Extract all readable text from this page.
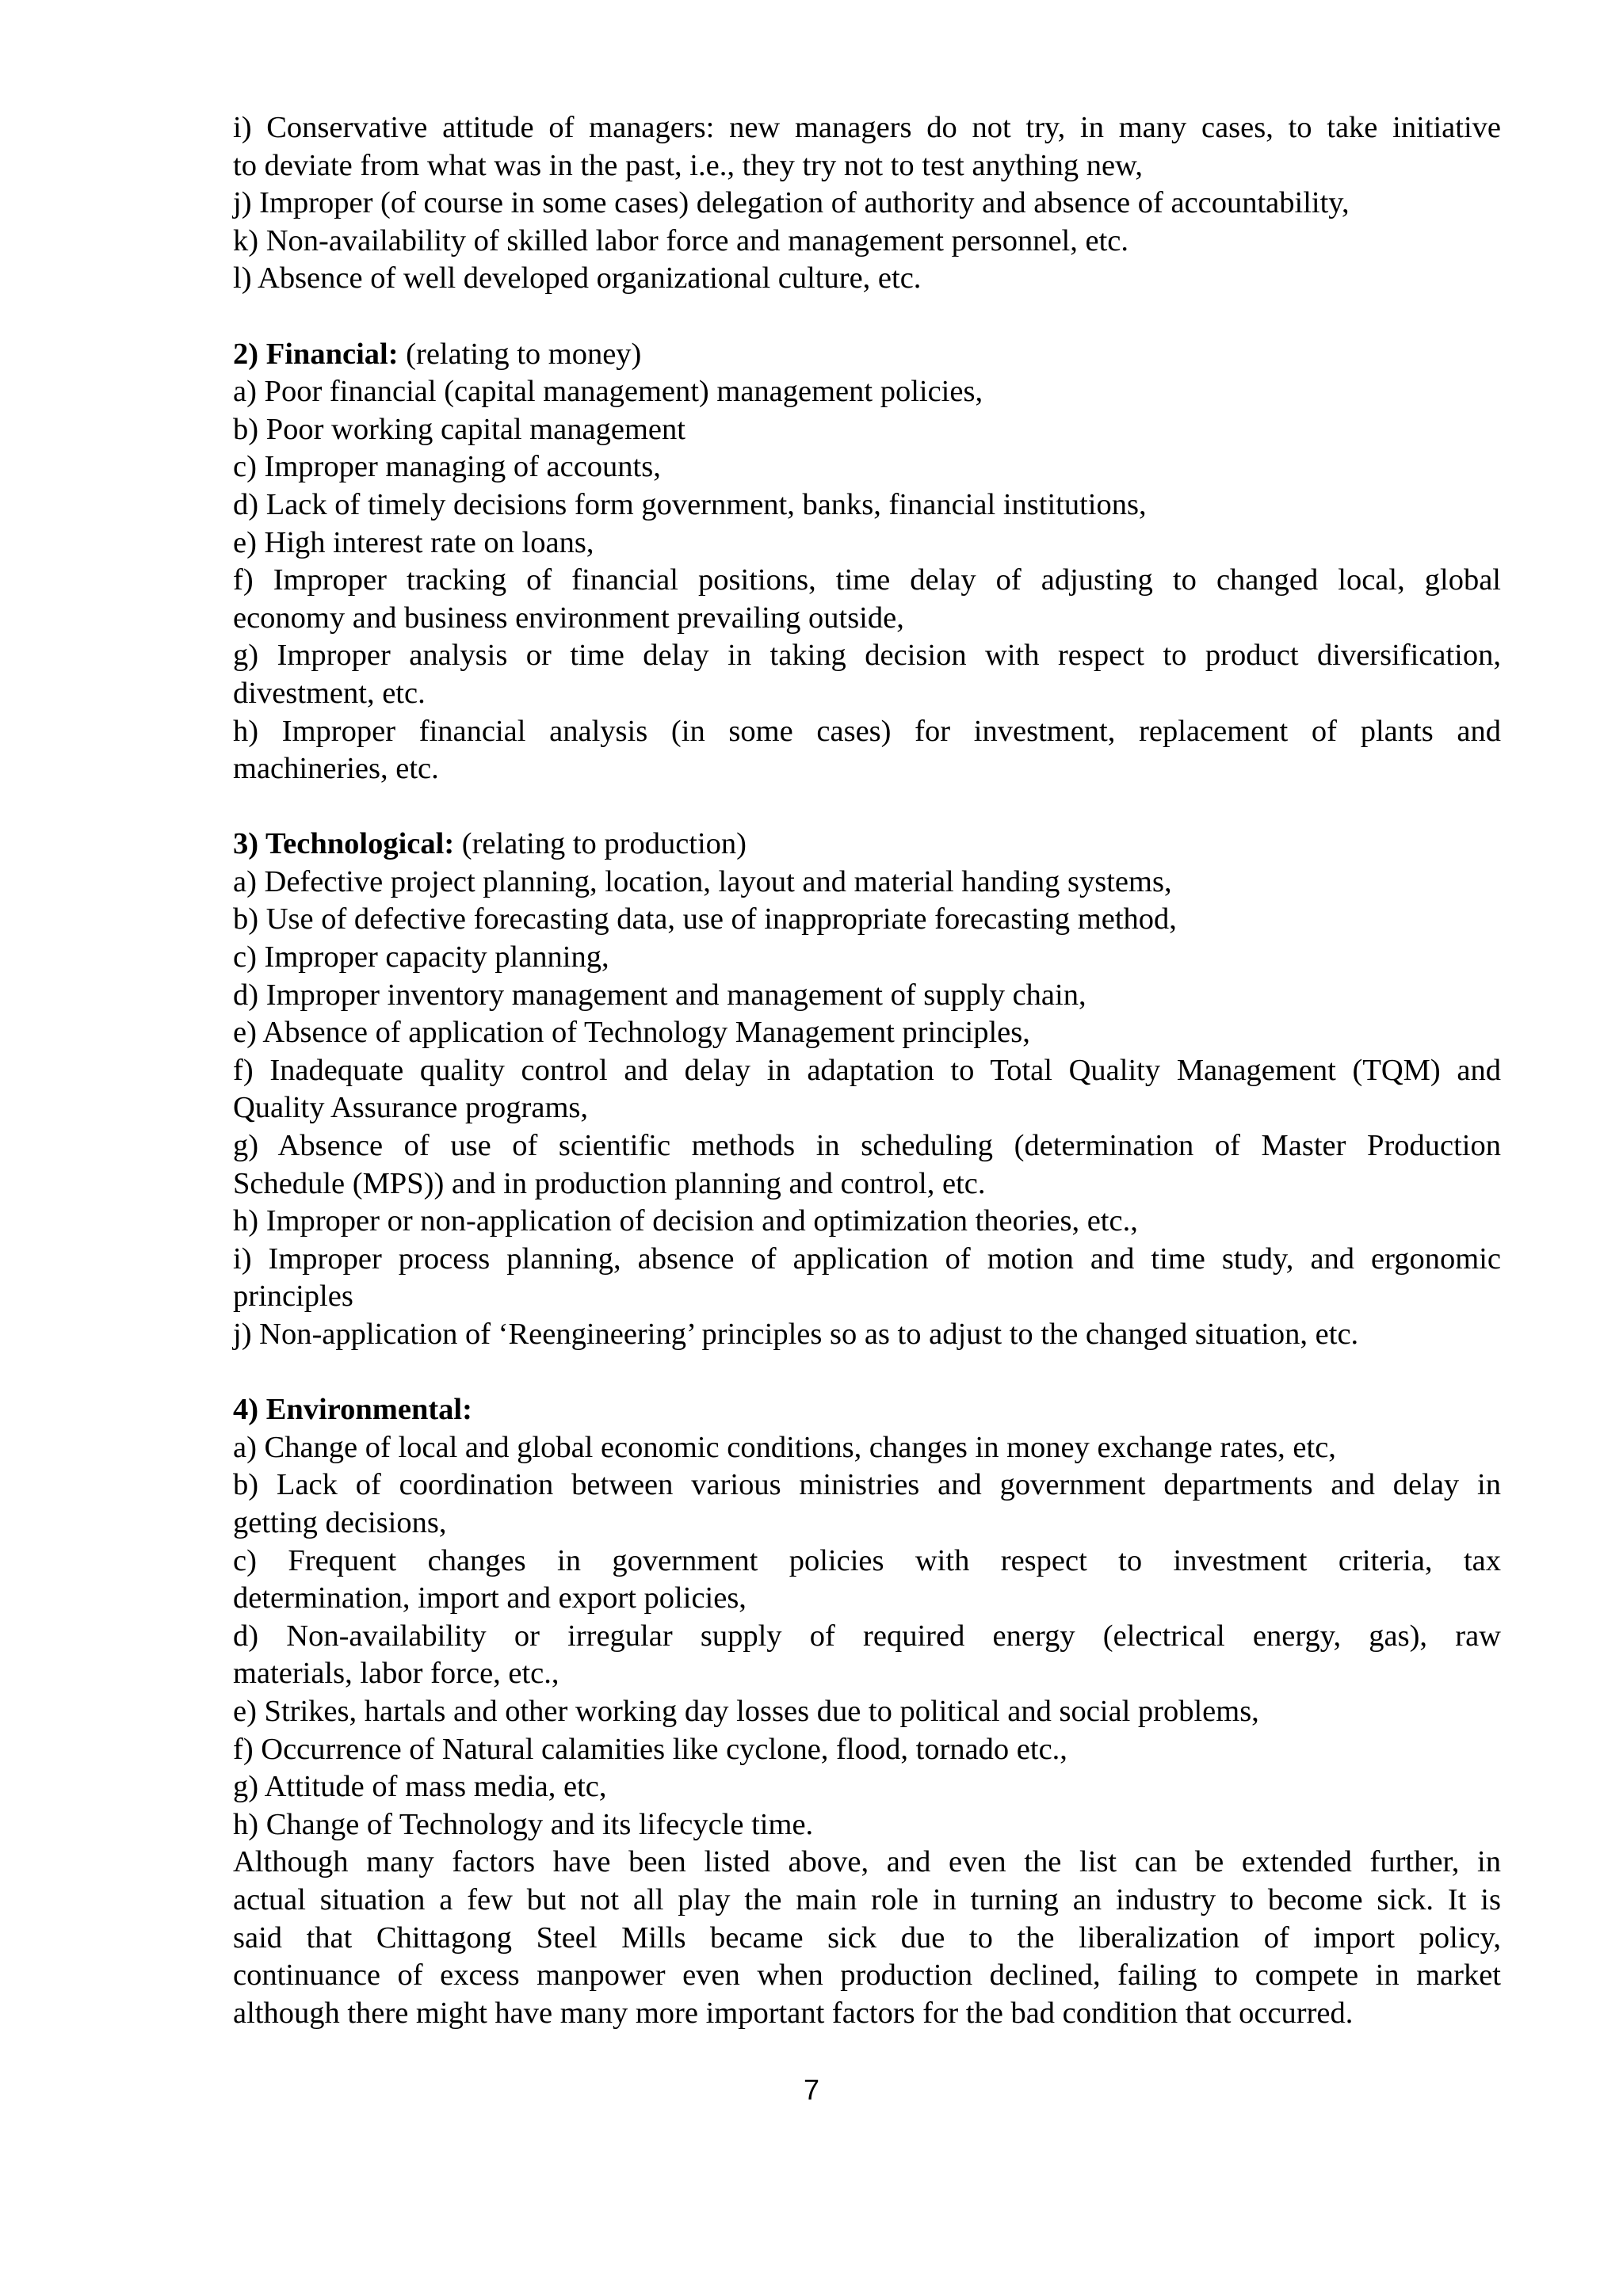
i) Conservative attitude of managers: new managers do not try, in many cases, to take initiative
to deviate from what was in the past, i.e., they try not to test anything new,
j) Improper (of course in some cases) delegation of authority and absence of accountability,
k) Non-availability of skilled labor force and management personnel, etc.
l) Absence of well developed organizational culture, etc.
2) Financial: (relating to money)
a) Poor financial (capital management) management policies,
b) Poor working capital management
c) Improper managing of accounts,
d) Lack of timely decisions form government, banks, financial institutions,
e) High interest rate on loans,
f) Improper tracking of financial positions, time delay of adjusting to changed local, global
economy and business environment prevailing outside,
g) Improper analysis or time delay in taking decision with respect to product diversification,
divestment, etc.
h) Improper financial analysis (in some cases) for investment, replacement of plants and
machineries, etc.
3) Technological: (relating to production)
a) Defective project planning, location, layout and material handing systems,
b) Use of defective forecasting data, use of inappropriate forecasting method,
c) Improper capacity planning,
d) Improper inventory management and management of supply chain,
e) Absence of application of Technology Management principles,
f) Inadequate quality control and delay in adaptation to Total Quality Management (TQM) and
Quality Assurance programs,
g) Absence of use of scientific methods in scheduling (determination of Master Production
Schedule (MPS)) and in production planning and control, etc.
h) Improper or non-application of decision and optimization theories, etc.,
i) Improper process planning, absence of application of motion and time study, and ergonomic
principles
j) Non-application of ‘Reengineering’ principles so as to adjust to the changed situation, etc.
4) Environmental:
a) Change of local and global economic conditions, changes in money exchange rates, etc,
b) Lack of coordination between various ministries and government departments and delay in
getting decisions,
c) Frequent changes in government policies with respect to investment criteria, tax
determination, import and export policies,
d) Non-availability or irregular supply of required energy (electrical energy, gas), raw
materials, labor force, etc.,
e) Strikes, hartals and other working day losses due to political and social problems,
f) Occurrence of Natural calamities like cyclone, flood, tornado etc.,
g) Attitude of mass media, etc,
h) Change of Technology and its lifecycle time.
Although many factors have been listed above, and even the list can be extended further, in
actual situation a few but not all play the main role in turning an industry to become sick. It is
said that Chittagong Steel Mills became sick due to the liberalization of import policy,
continuance of excess manpower even when production declined, failing to compete in market
although there might have many more important factors for the bad condition that occurred.
7
